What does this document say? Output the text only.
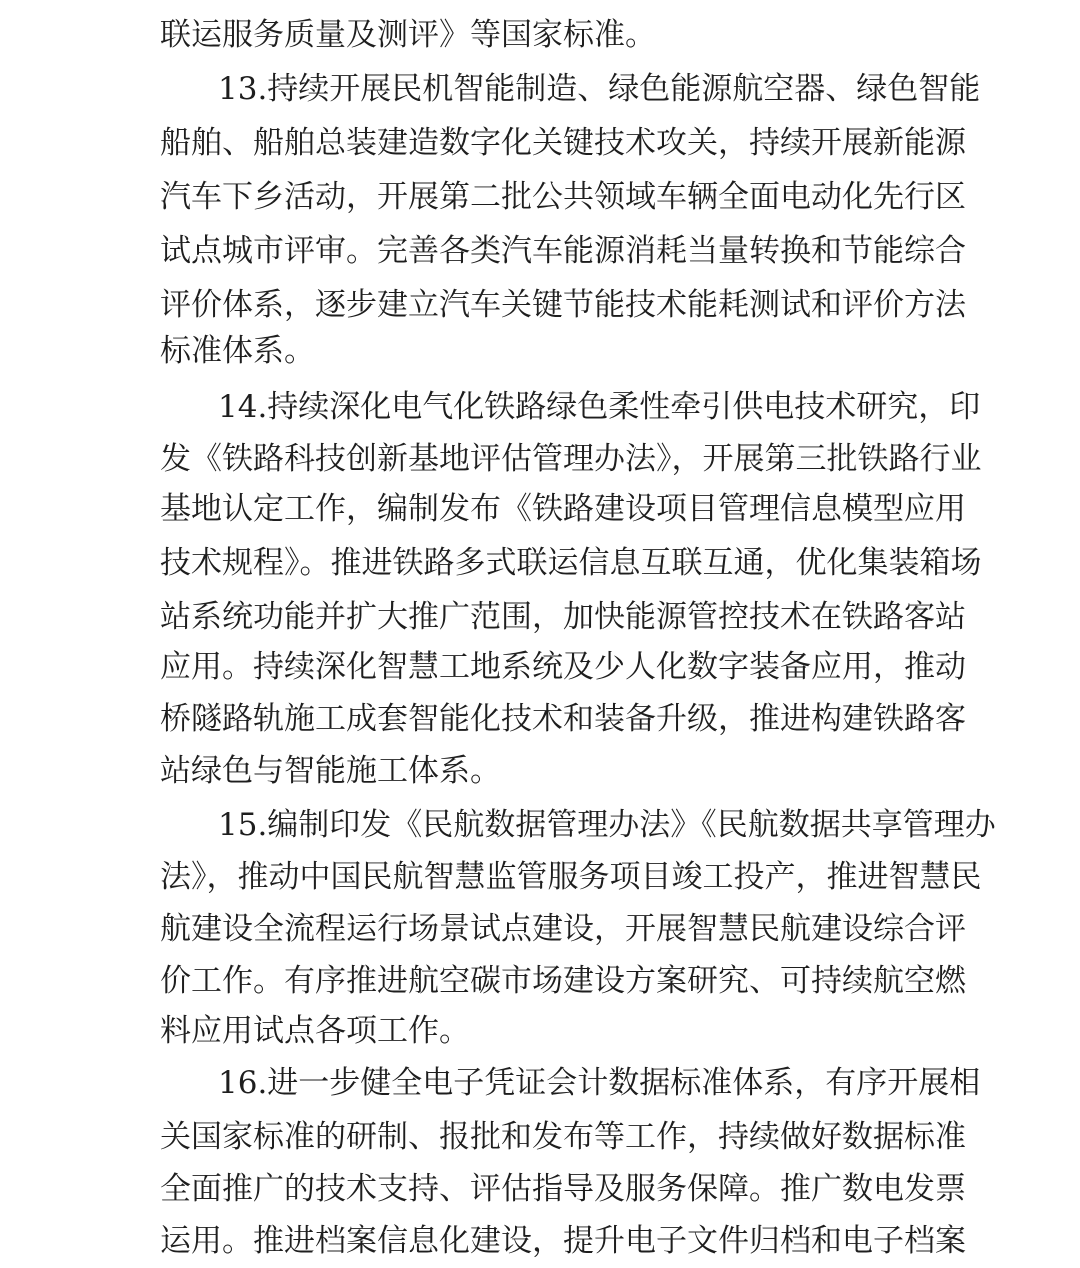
联运服务质量及测评》等国家标准。
13.持续开展民机智能制造、绿色能源航空器、绿色智能
船舶、船舶总装建造数字化关键技术攻关，持续开展新能源
汽车下乡活动，开展第二批公共领域车辆全面电动化先行区
试点城市评审。完善各类汽车能源消耗当量转换和节能综合
评价体系，逐步建立汽车关键节能技术能耗测试和评价方法
标准体系。
14.持续深化电气化铁路绿色柔性牵引供电技术研究，印
发《铁路科技创新基地评估管理办法》，开展第三批铁路行业
基地认定工作，编制发布《铁路建设项目管理信息模型应用
技术规程》。推进铁路多式联运信息互联互通，优化集装箱场
站系统功能并扩大推广范围，加快能源管控技术在铁路客站
应用。持续深化智慧工地系统及少人化数字装备应用，推动
桥隧路轨施工成套智能化技术和装备升级，推进构建铁路客
站绿色与智能施工体系。
15.编制印发《民航数据管理办法》《民航数据共享管理办
法》，推动中国民航智慧监管服务项目竣工投产，推进智慧民
航建设全流程运行场景试点建设，开展智慧民航建设综合评
价工作。有序推进航空碳市场建设方案研究、可持续航空燃
料应用试点各项工作。
16.进一步健全电子凭证会计数据标准体系，有序开展相
关国家标准的研制、报批和发布等工作，持续做好数据标准
全面推广的技术支持、评估指导及服务保障。推广数电发票
运用。推进档案信息化建设，提升电子文件归档和电子档案
